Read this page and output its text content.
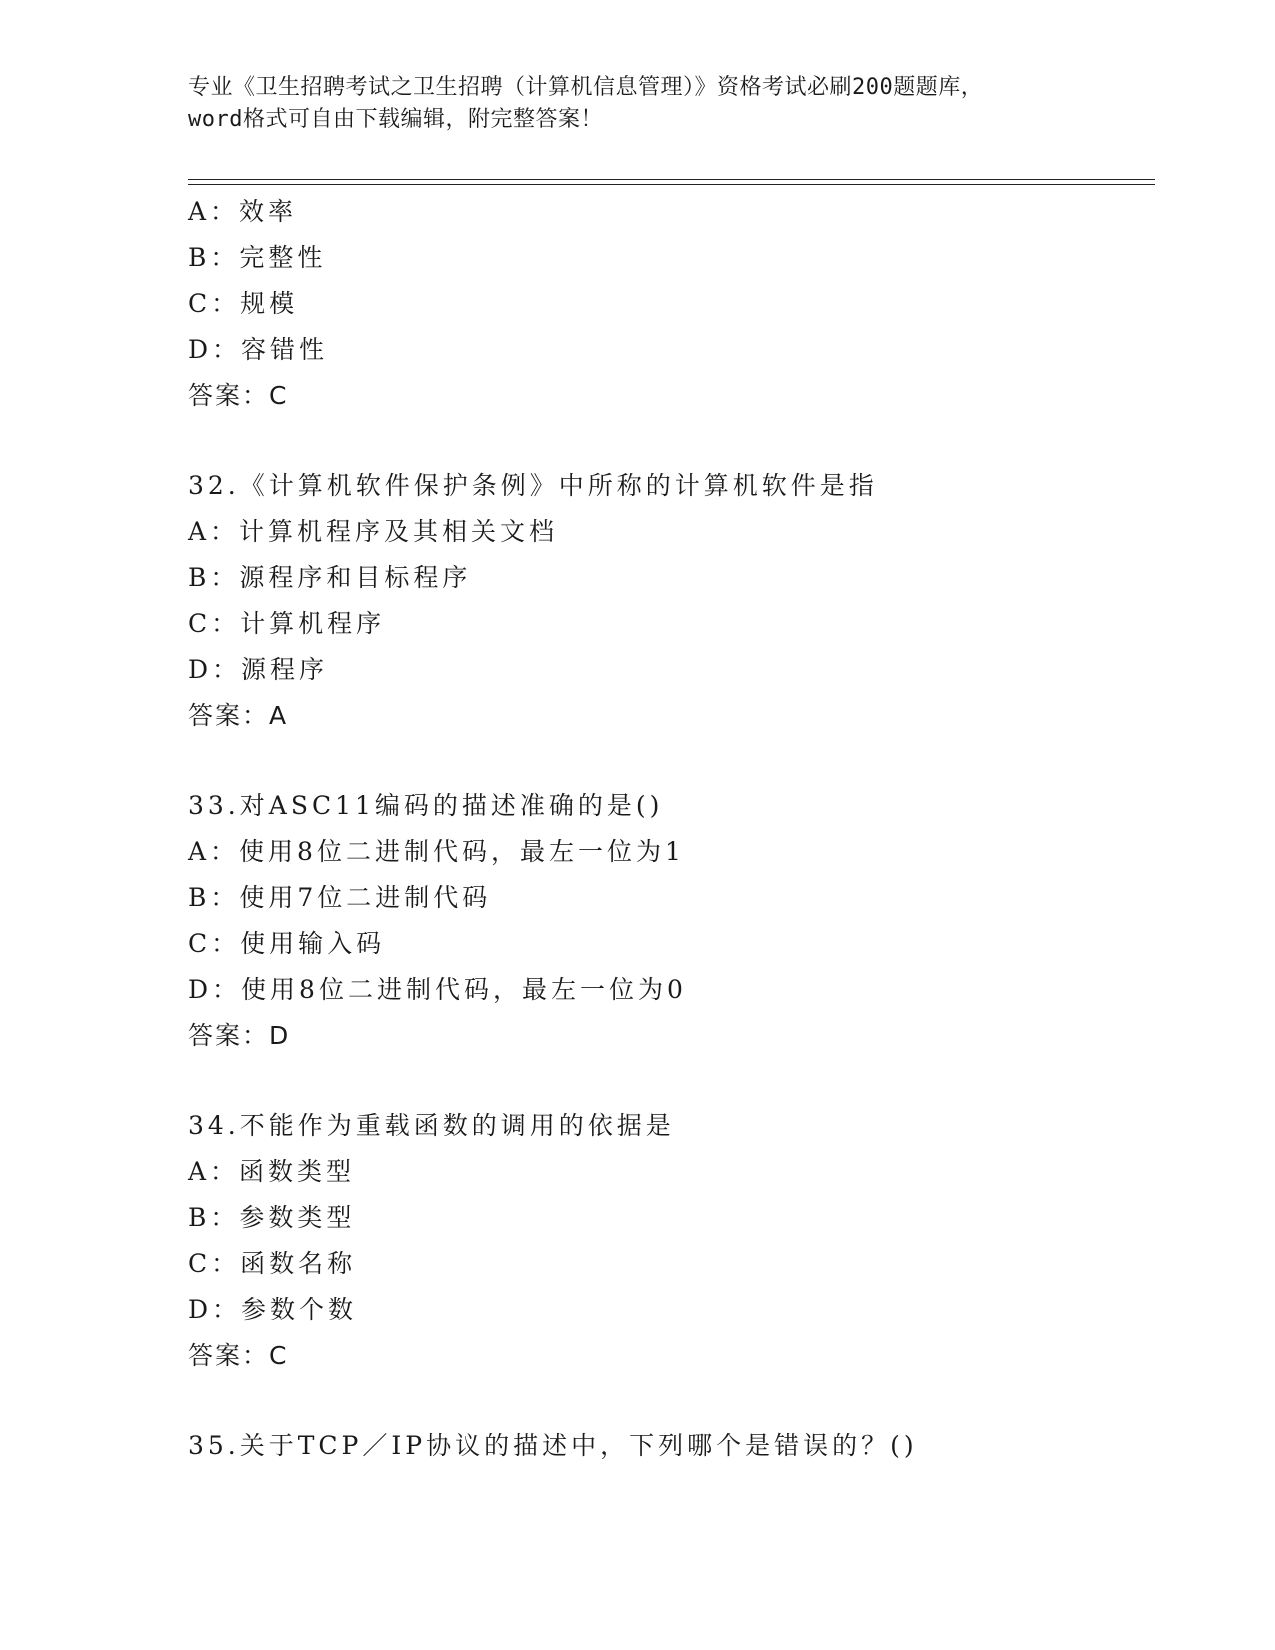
专业《卫生招聘考试之卫生招聘（计算机信息管理）》资格考试必刷200题题库，
word格式可自由下载编辑，附完整答案！
A：效率
B：完整性
C：规模
D：容错性
答案：C
32.《计算机软件保护条例》中所称的计算机软件是指
A：计算机程序及其相关文档
B：源程序和目标程序
C：计算机程序
D：源程序
答案：A
33.对ASC11编码的描述准确的是()
A：使用8位二进制代码，最左一位为1
B：使用7位二进制代码
C：使用输入码
D：使用8位二进制代码，最左一位为0
答案：D
34.不能作为重载函数的调用的依据是
A：函数类型
B：参数类型
C：函数名称
D：参数个数
答案：C
35.关于TCP／IP协议的描述中，下列哪个是错误的？()
